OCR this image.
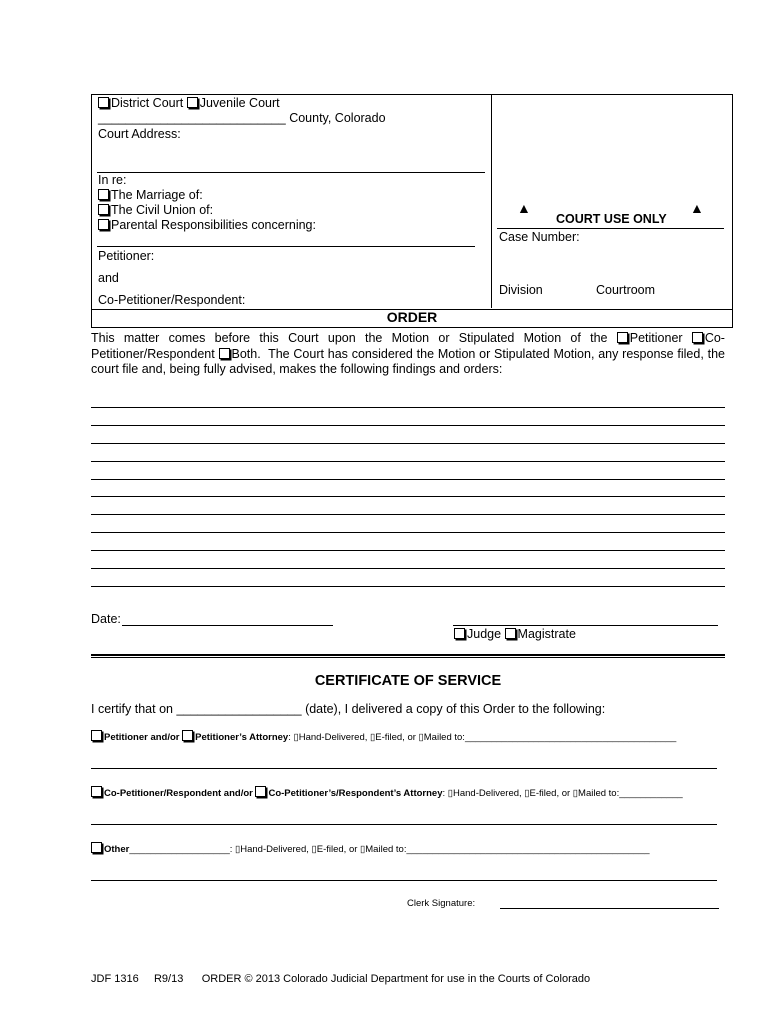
District Court Juvenile Court
___________________________ County, Colorado
Court Address:
In re:
The Marriage of:
The Civil Union of:
Parental Responsibilities concerning:
Petitioner:
and
Co-Petitioner/Respondent:
▲
COURT USE ONLY
▲
Case Number:
Division	Courtroom
ORDER
This matter comes before this Court upon the Motion or Stipulated Motion of the Petitioner Co-Petitioner/Respondent Both. The Court has considered the Motion or Stipulated Motion, any response filed, the court file and, being fully advised, makes the following findings and orders:
Date:
Judge Magistrate
CERTIFICATE OF SERVICE
I certify that on __________________ (date), I delivered a copy of this Order to the following:
Petitioner and/or Petitioner’s Attorney: ▯Hand-Delivered, ▯E-filed, or ▯Mailed to:________________________________________
Co-Petitioner/Respondent and/or Co-Petitioner’s/Respondent’s Attorney: ▯Hand-Delivered, ▯E-filed, or ▯Mailed to:____________
Other___________________: ▯Hand-Delivered, ▯E-filed, or ▯Mailed to:______________________________________________
Clerk Signature:
JDF 1316 R9/13 ORDER © 2013 Colorado Judicial Department for use in the Courts of Colorado
